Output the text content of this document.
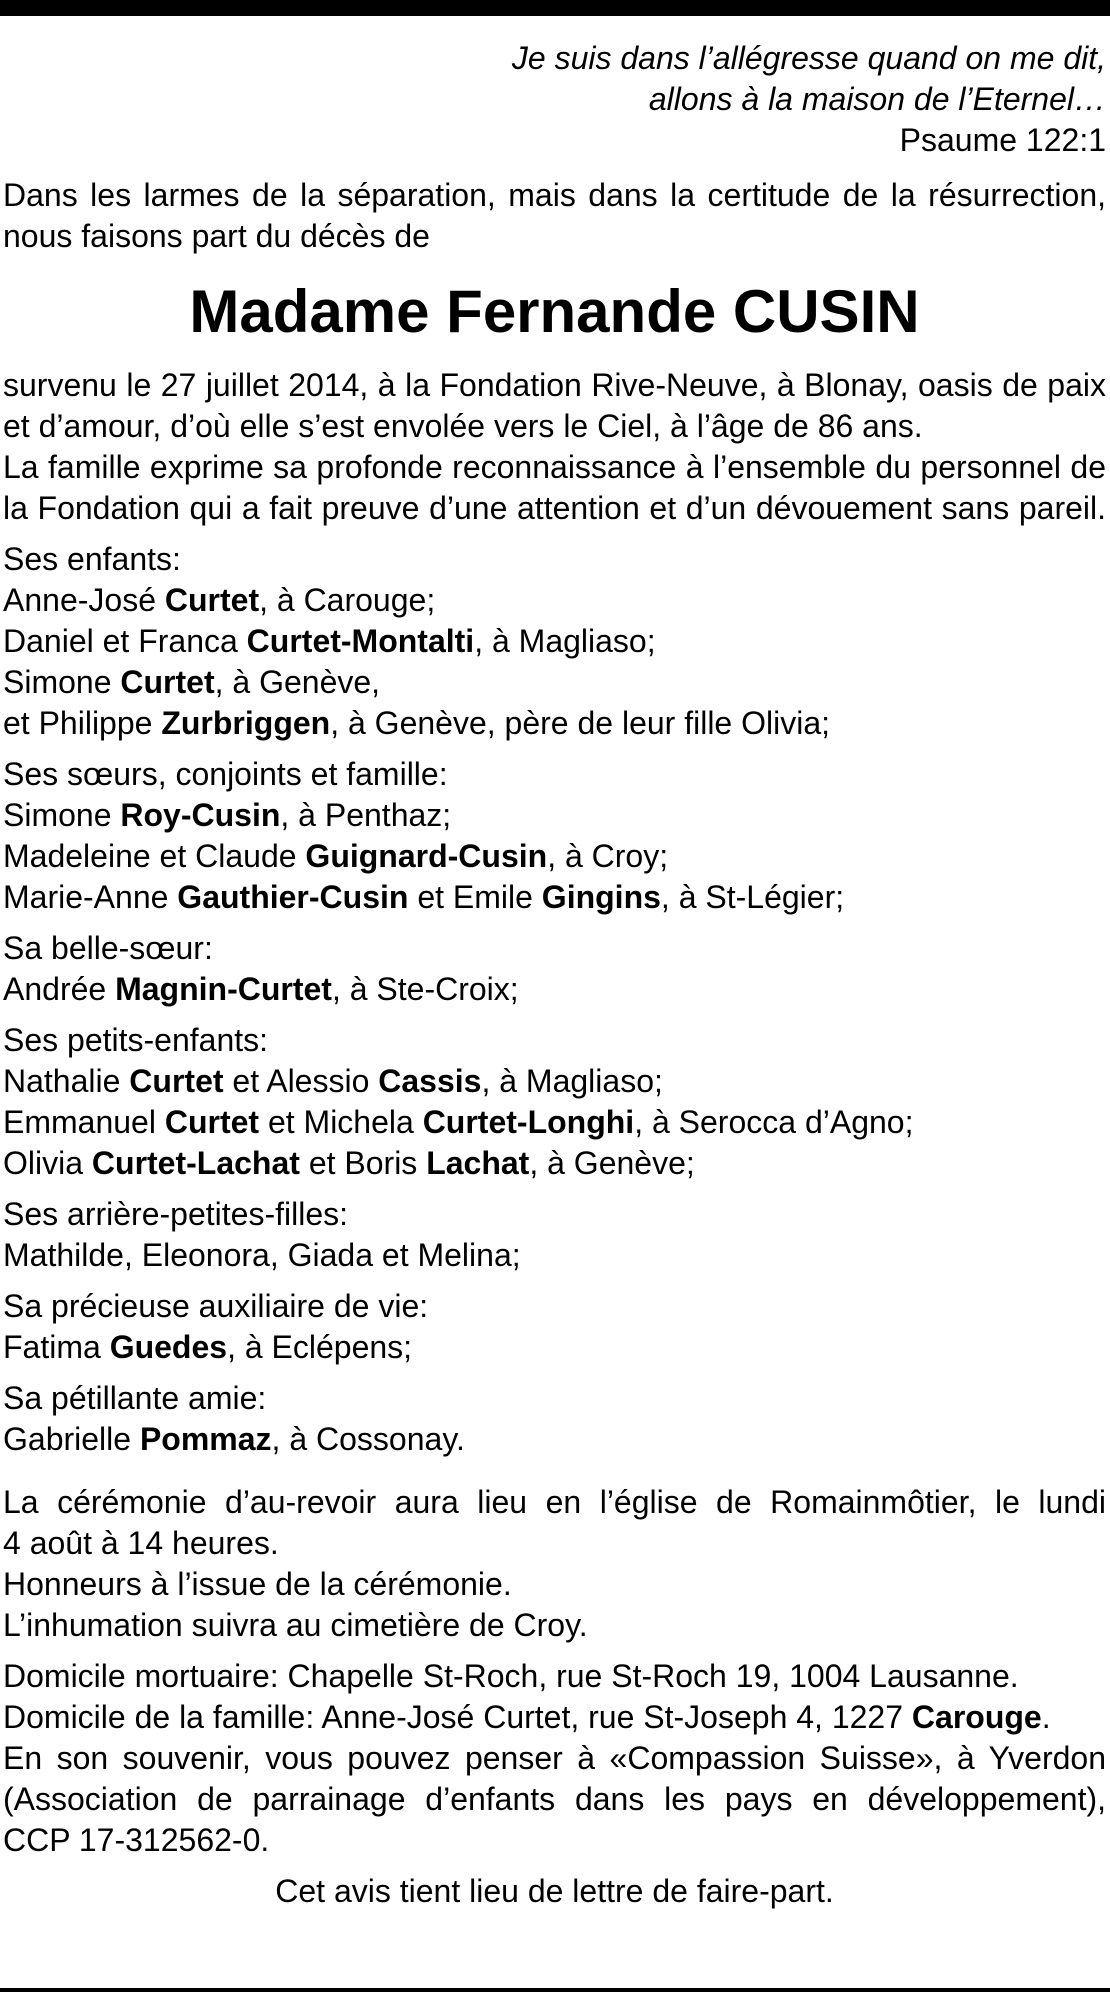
Je suis dans l’allégresse quand on me dit,
allons à la maison de l’Eternel…
Psaume 122:1
Dans les larmes de la séparation, mais dans la certitude de la résurrection,
nous faisons part du décès de
Madame Fernande CUSIN
survenu le 27 juillet 2014, à la Fondation Rive-Neuve, à Blonay, oasis de paix
et d’amour, d’où elle s’est envolée vers le Ciel, à l’âge de 86 ans.
La famille exprime sa profonde reconnaissance à l’ensemble du personnel de
la Fondation qui a fait preuve d’une attention et d’un dévouement sans pareil.
Ses enfants:
Anne-José Curtet, à Carouge;
Daniel et Franca Curtet-Montalti, à Magliaso;
Simone Curtet, à Genève,
et Philippe Zurbriggen, à Genève, père de leur fille Olivia;
Ses sœurs, conjoints et famille:
Simone Roy-Cusin, à Penthaz;
Madeleine et Claude Guignard-Cusin, à Croy;
Marie-Anne Gauthier-Cusin et Emile Gingins, à St-Légier;
Sa belle-sœur:
Andrée Magnin-Curtet, à Ste-Croix;
Ses petits-enfants:
Nathalie Curtet et Alessio Cassis, à Magliaso;
Emmanuel Curtet et Michela Curtet-Longhi, à Serocca d’Agno;
Olivia Curtet-Lachat et Boris Lachat, à Genève;
Ses arrière-petites-filles:
Mathilde, Eleonora, Giada et Melina;
Sa précieuse auxiliaire de vie:
Fatima Guedes, à Eclépens;
Sa pétillante amie:
Gabrielle Pommaz, à Cossonay.
La cérémonie d’au-revoir aura lieu en l’église de Romainmôtier, le lundi
4 août à 14 heures.
Honneurs à l’issue de la cérémonie.
L’inhumation suivra au cimetière de Croy.
Domicile mortuaire: Chapelle St-Roch, rue St-Roch 19, 1004 Lausanne.
Domicile de la famille: Anne-José Curtet, rue St-Joseph 4, 1227 Carouge.
En son souvenir, vous pouvez penser à «Compassion Suisse», à Yverdon
(Association de parrainage d’enfants dans les pays en développement),
CCP 17-312562-0.
Cet avis tient lieu de lettre de faire-part.
